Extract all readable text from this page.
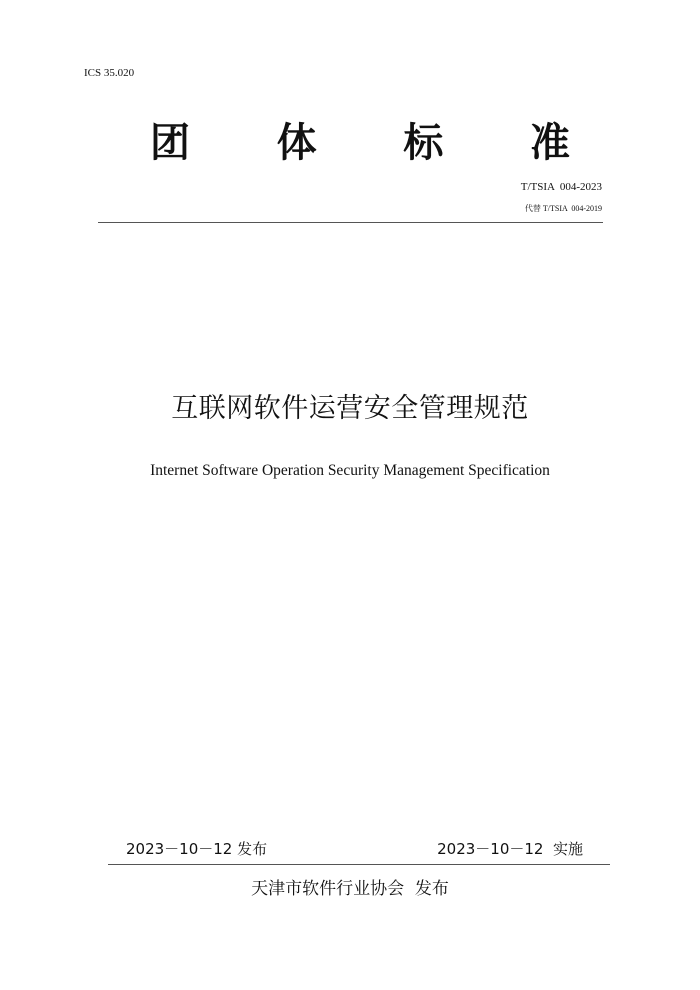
ICS 35.020
团 体 标 准
T/TSIA  004-2023
代替 T/TSIA  004-2019
互联网软件运营安全管理规范
Internet Software Operation Security Management Specification
2023－10－12 发布	2023－10－12  实施
天津市软件行业协会  发布
